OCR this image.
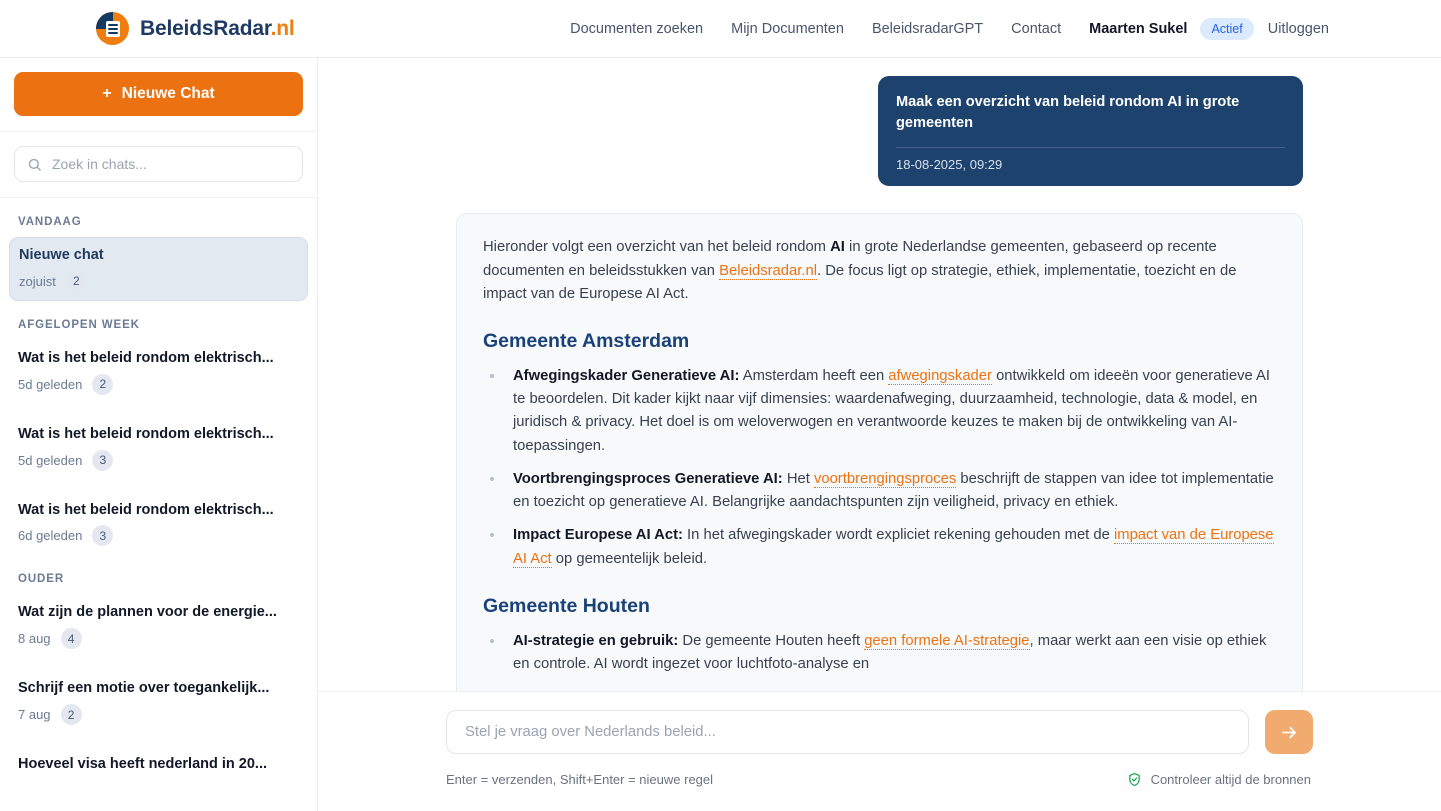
BeleidsRadar.nl	Documenten zoeken	Mijn Documenten	BeleidsradarGPT	Contact	Maarten Sukel	Actief	Uitloggen
+ Nieuwe Chat
Zoek in chats...
VANDAAG
Nieuwe chat
zojuist	2
AFGELOPEN WEEK
Wat is het beleid rondom elektrisch...
5d geleden	2
Wat is het beleid rondom elektrisch...
5d geleden	3
Wat is het beleid rondom elektrisch...
6d geleden	3
OUDER
Wat zijn de plannen voor de energie...
8 aug	4
Schrijf een motie over toegankelijk...
7 aug	2
Hoeveel visa heeft nederland in 20...
Maak een overzicht van beleid rondom AI in grote gemeenten
18-08-2025, 09:29

Hieronder volgt een overzicht van het beleid rondom AI in grote Nederlandse gemeenten, gebaseerd op recente documenten en beleidsstukken van Beleidsradar.nl. De focus ligt op strategie, ethiek, implementatie, toezicht en de impact van de Europese AI Act.

Gemeente Amsterdam
• Afwegingskader Generatieve AI: Amsterdam heeft een afwegingskader ontwikkeld om ideeën voor generatieve AI te beoordelen. Dit kader kijkt naar vijf dimensies: waardenafweging, duurzaamheid, technologie, data & model, en juridisch & privacy. Het doel is om weloverwogen en verantwoorde keuzes te maken bij de ontwikkeling van AI-toepassingen.
• Voortbrengingsproces Generatieve AI: Het voortbrengingsproces beschrijft de stappen van idee tot implementatie en toezicht op generatieve AI. Belangrijke aandachtspunten zijn veiligheid, privacy en ethiek.
• Impact Europese AI Act: In het afwegingskader wordt expliciet rekening gehouden met de impact van de Europese AI Act op gemeentelijk beleid.
Gemeente Houten
• AI-strategie en gebruik: De gemeente Houten heeft geen formele AI-strategie, maar werkt aan een visie op ethiek en controle. AI wordt ingezet voor luchtfoto-analyse en
Stel je vraag over Nederlands beleid...
Enter = verzenden, Shift+Enter = nieuwe regel	Controleer altijd de bronnen
